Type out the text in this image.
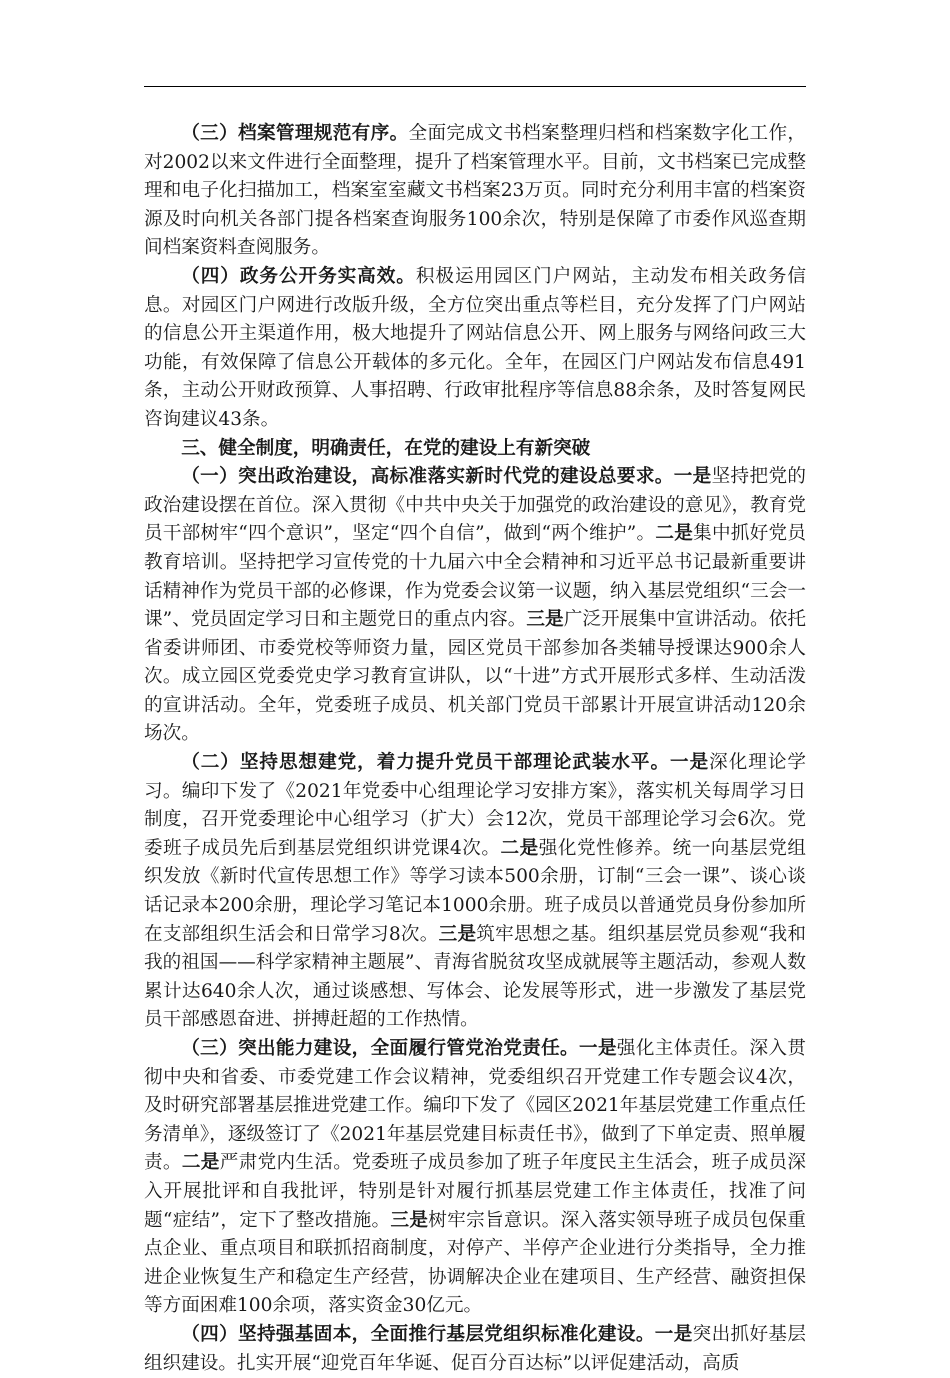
（三）档案管理规范有序。全面完成文书档案整理归档和档案数字化工作，对2002以来文件进行全面整理，提升了档案管理水平。目前，文书档案已完成整理和电子化扫描加工，档案室室藏文书档案23万页。同时充分利用丰富的档案资源及时向机关各部门提各档案查询服务100余次，特别是保障了市委作风巡查期间档案资料查阅服务。

（四）政务公开务实高效。积极运用园区门户网站，主动发布相关政务信息。对园区门户网进行改版升级，全方位突出重点等栏目，充分发挥了门户网站的信息公开主渠道作用，极大地提升了网站信息公开、网上服务与网络问政三大功能，有效保障了信息公开载体的多元化。全年，在园区门户网站发布信息491条，主动公开财政预算、人事招聘、行政审批程序等信息88余条，及时答复网民咨询建议43条。

三、健全制度，明确责任，在党的建设上有新突破

（一）突出政治建设，高标准落实新时代党的建设总要求。一是坚持把党的政治建设摆在首位。深入贯彻《中共中央关于加强党的政治建设的意见》，教育党员干部树牢“四个意识”，坚定“四个自信”，做到“两个维护”。二是集中抓好党员教育培训。坚持把学习宣传党的十九届六中全会精神和习近平总书记最新重要讲话精神作为党员干部的必修课，作为党委会议第一议题，纳入基层党组织“三会一课”、党员固定学习日和主题党日的重点内容。三是广泛开展集中宣讲活动。依托省委讲师团、市委党校等师资力量，园区党员干部参加各类辅导授课达900余人次。成立园区党委党史学习教育宣讲队，以“十进”方式开展形式多样、生动活泼的宣讲活动。全年，党委班子成员、机关部门党员干部累计开展宣讲活动120余场次。

（二）坚持思想建党，着力提升党员干部理论武装水平。一是深化理论学习。编印下发了《2021年党委中心组理论学习安排方案》，落实机关每周学习日制度，召开党委理论中心组学习（扩大）会12次，党员干部理论学习会6次。党委班子成员先后到基层党组织讲党课4次。二是强化党性修养。统一向基层党组织发放《新时代宣传思想工作》等学习读本500余册，订制“三会一课”、谈心谈话记录本200余册，理论学习笔记本1000余册。班子成员以普通党员身份参加所在支部组织生活会和日常学习8次。三是筑牢思想之基。组织基层党员参观“我和我的祖国——科学家精神主题展”、青海省脱贫攻坚成就展等主题活动，参观人数累计达640余人次，通过谈感想、写体会、论发展等形式，进一步激发了基层党员干部感恩奋进、拼搏赶超的工作热情。

（三）突出能力建设，全面履行管党治党责任。一是强化主体责任。深入贯彻中央和省委、市委党建工作会议精神，党委组织召开党建工作专题会议4次，及时研究部署基层推进党建工作。编印下发了《园区2021年基层党建工作重点任务清单》，逐级签订了《2021年基层党建目标责任书》，做到了下单定责、照单履责。二是严肃党内生活。党委班子成员参加了班子年度民主生活会，班子成员深入开展批评和自我批评，特别是针对履行抓基层党建工作主体责任，找准了问题“症结”，定下了整改措施。三是树牢宗旨意识。深入落实领导班子成员包保重点企业、重点项目和联抓招商制度，对停产、半停产企业进行分类指导，全力推进企业恢复生产和稳定生产经营，协调解决企业在建项目、生产经营、融资担保等方面困难100余项，落实资金30亿元。

（四）坚持强基固本，全面推行基层党组织标准化建设。一是突出抓好基层组织建设。扎实开展“迎党百年华诞、促百分百达标”以评促建活动，高质
